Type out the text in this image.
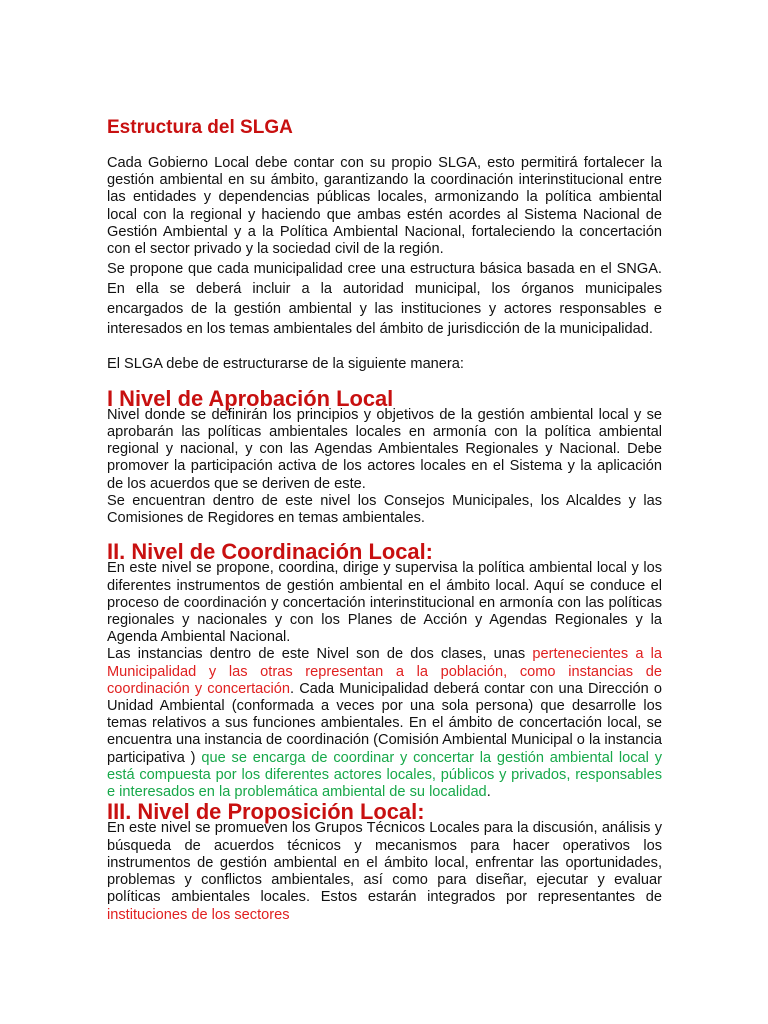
Estructura del SLGA

Cada Gobierno Local debe contar con su propio SLGA, esto permitirá fortalecer la gestión ambiental en su ámbito, garantizando la coordinación interinstitucional entre las entidades y dependencias públicas locales, armonizando la política ambiental local con la regional y haciendo que ambas estén acordes al Sistema Nacional de Gestión Ambiental y a la Política Ambiental Nacional, fortaleciendo la concertación con el sector privado y la sociedad civil de la región.

Se propone que cada municipalidad cree una estructura básica basada en el SNGA. En ella se deberá incluir a la autoridad municipal, los órganos municipales encargados de la gestión ambiental y las instituciones y actores responsables e interesados en los temas ambientales del ámbito de jurisdicción de la municipalidad.

El SLGA debe de estructurarse de la siguiente manera:

I Nivel de Aprobación Local

Nivel donde se definirán los principios y objetivos de la gestión ambiental local y se aprobarán las políticas ambientales locales en armonía con la política ambiental regional y nacional, y con las Agendas Ambientales Regionales y Nacional. Debe promover la participación activa de los actores locales en el Sistema y la aplicación de los acuerdos que se deriven de este.

Se encuentran dentro de este nivel los Consejos Municipales, los Alcaldes y las Comisiones de Regidores en temas ambientales.

II. Nivel de Coordinación Local:

En este nivel se propone, coordina, dirige y supervisa la política ambiental local y los diferentes instrumentos de gestión ambiental en el ámbito local. Aquí se conduce el proceso de coordinación y concertación interinstitucional en armonía con las políticas regionales y nacionales y con los Planes de Acción y Agendas Regionales y la Agenda Ambiental Nacional.

Las instancias dentro de este Nivel son de dos clases, unas pertenecientes a la Municipalidad y las otras representan a la población, como instancias de coordinación y concertación. Cada Municipalidad deberá contar con una Dirección o Unidad Ambiental (conformada a veces por una sola persona) que desarrolle los temas relativos a sus funciones ambientales. En el ámbito de concertación local, se encuentra una instancia de coordinación (Comisión Ambiental Municipal o la instancia participativa ) que se encarga de coordinar y concertar la gestión ambiental local y está compuesta por los diferentes actores locales, públicos y privados, responsables e interesados en la problemática ambiental de su localidad.

III. Nivel de Proposición Local:

En este nivel se promueven los Grupos Técnicos Locales para la discusión, análisis y búsqueda de acuerdos técnicos y mecanismos para hacer operativos los instrumentos de gestión ambiental en el ámbito local, enfrentar las oportunidades, problemas y conflictos ambientales, así como para diseñar, ejecutar y evaluar políticas ambientales locales. Estos estarán integrados por representantes de instituciones de los sectores
